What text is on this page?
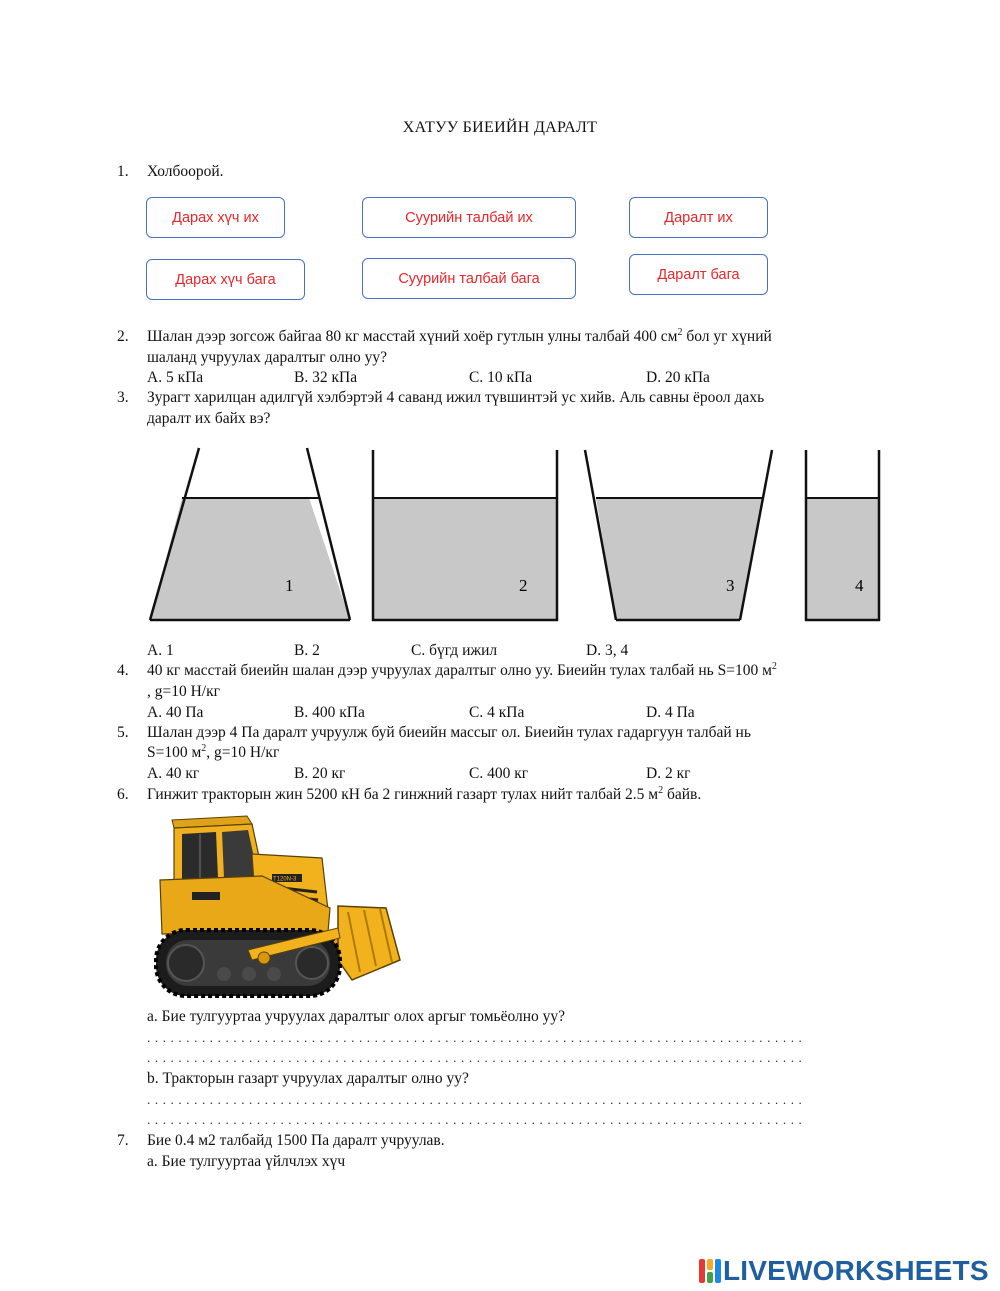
ХАТУУ БИЕИЙН ДАРАЛТ
1.	Холбоорой.
Дарах хүч их	Суурийн талбай их	Даралт их
Дарах хүч бага	Суурийн талбай бага	Даралт бага
2.	Шалан дээр зогсож байгаа 80 кг масстай хүний хоёр гутлын улны талбай 400 $см^2$ бол уг хүний
шаланд учруулах даралтыг олно уу?
A. 5 кПа	B. 32 кПа	C. 10 кПа	D. 20 кПа
3.	Зурагт харилцан адилгүй хэлбэртэй 4 саванд ижил түвшинтэй ус хийв. Аль савны ёроол дахь
даралт их байх вэ?
1	2	3	4
A. 1	B. 2	C. бүгд ижил	D. 3, 4
4.	40 кг масстай биеийн шалан дээр учруулах даралтыг олно уу. Биеийн тулах талбай нь S=100 $м^2$
, g=10 Н/кг
A. 40 Па	B. 400 кПа	C. 4 кПа	D. 4 Па
5.	Шалан дээр 4 Па даралт учруулж буй биеийн массыг ол. Биеийн тулах гадаргуун талбай нь
S=100 $м^2$, g=10 Н/кг
A. 40 кг	B. 20 кг	C. 400 кг	D. 2 кг
6.	Гинжит тракторын жин 5200 кН ба 2 гинжний газарт тулах нийт талбай 2.5 $м^2$ байв.
T120N-3
a. Бие тулгууртаа учруулах даралтыг олох аргыг томьёолно уу?
....................................................................................
....................................................................................
b. Тракторын газарт учруулах даралтыг олно уу?
....................................................................................
....................................................................................
7.	Бие 0.4 м2 талбайд 1500 Па даралт учруулав.
a. Бие тулгууртаа үйлчлэх хүч
LIVEWORKSHEETS
